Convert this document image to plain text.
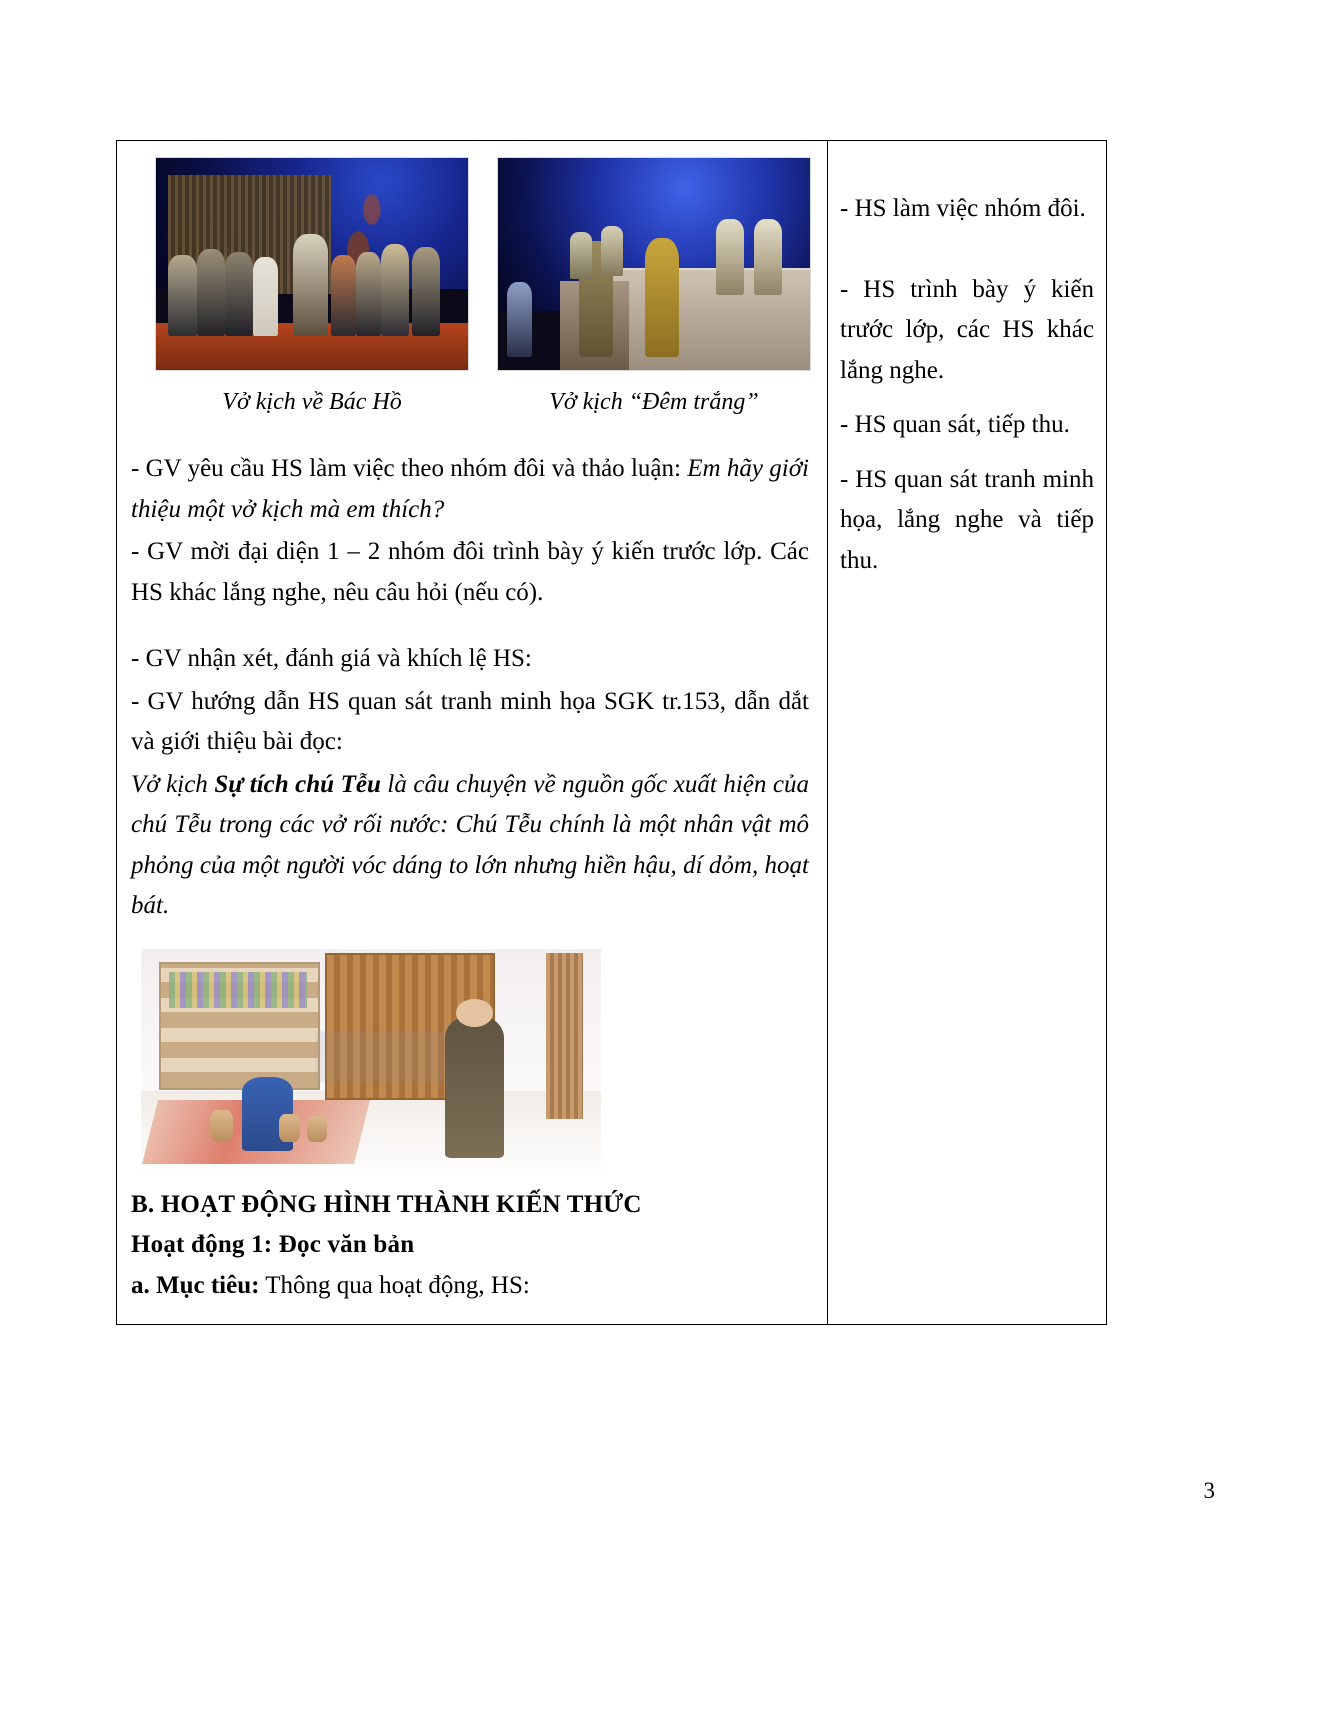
Vở kịch về Bác Hồ	Vở kịch “Đêm trắng”

- GV yêu cầu HS làm việc theo nhóm đôi và thảo luận: Em hãy giới thiệu một vở kịch mà em thích?

- GV mời đại diện 1 – 2 nhóm đôi trình bày ý kiến trước lớp. Các HS khác lắng nghe, nêu câu hỏi (nếu có).

- GV nhận xét, đánh giá và khích lệ HS:

- GV hướng dẫn HS quan sát tranh minh họa SGK tr.153, dẫn dắt và giới thiệu bài đọc:

Vở kịch Sự tích chú Tễu là câu chuyện về nguồn gốc xuất hiện của chú Tễu trong các vở rối nước: Chú Tễu chính là một nhân vật mô phỏng của một người vóc dáng to lớn nhưng hiền hậu, dí dỏm, hoạt bát.

B. HOẠT ĐỘNG HÌNH THÀNH KIẾN THỨC

Hoạt động 1: Đọc văn bản

a. Mục tiêu: Thông qua hoạt động, HS:

- HS làm việc nhóm đôi.

- HS trình bày ý kiến trước lớp, các HS khác lắng nghe.

- HS quan sát, tiếp thu.

- HS quan sát tranh minh họa, lắng nghe và tiếp thu.

3
